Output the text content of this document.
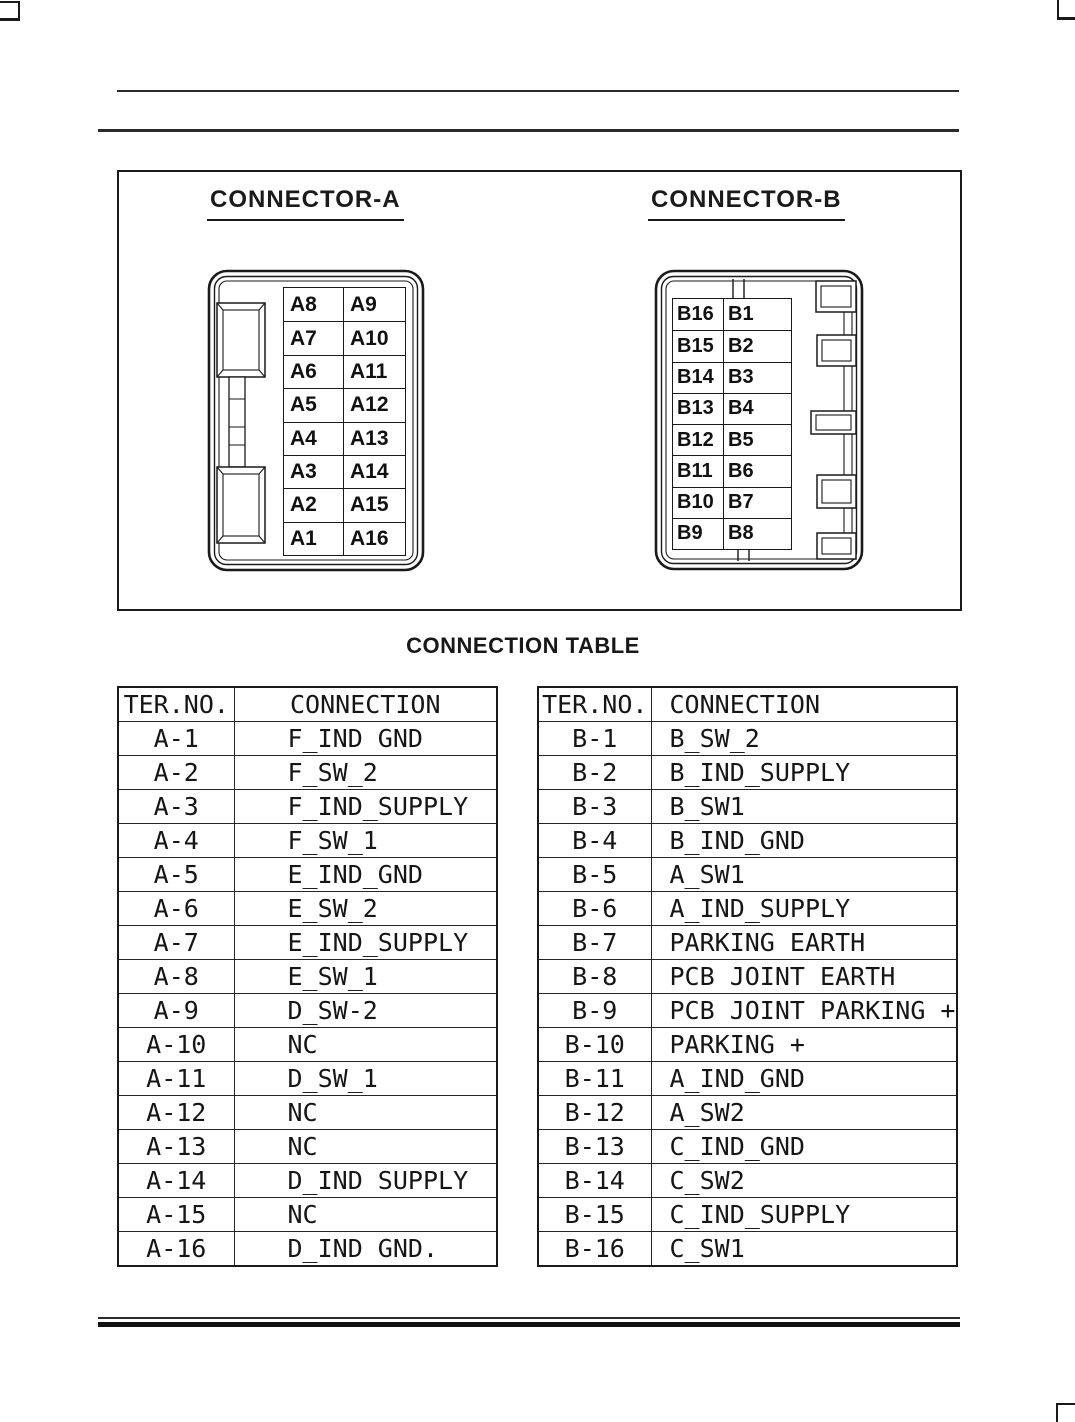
CONNECTOR-A	CONNECTOR-B
A8	A9
A7	A10
A6	A11
A5	A12
A4	A13
A3	A14
A2	A15
A1	A16
B16 B1
B15 B2
B14 B3
B13 B4
B12 B5
B11 B6
B10 B7
B9	B8
CONNECTION TABLE
TER.NO.	CONNECTION
A-1	F_IND GND
A-2	F_SW_2
A-3	F_IND_SUPPLY
A-4	F_SW_1
A-5	E_IND_GND
A-6	E_SW_2
A-7	E_IND_SUPPLY
A-8	E_SW_1
A-9	D_SW-2
A-10	NC
A-11	D_SW_1
A-12	NC
A-13	NC
A-14	D_IND SUPPLY
A-15	NC
A-16	D_IND GND.
TER.NO.	CONNECTION
B-1	B_SW_2
B-2	B_IND_SUPPLY
B-3	B_SW1
B-4	B_IND_GND
B-5	A_SW1
B-6	A_IND_SUPPLY
B-7	PARKING EARTH
B-8	PCB JOINT EARTH
B-9	PCB JOINT PARKING +
B-10	PARKING +
B-11	A_IND_GND
B-12	A_SW2
B-13	C_IND_GND
B-14	C_SW2
B-15	C_IND_SUPPLY
B-16	C_SW1
